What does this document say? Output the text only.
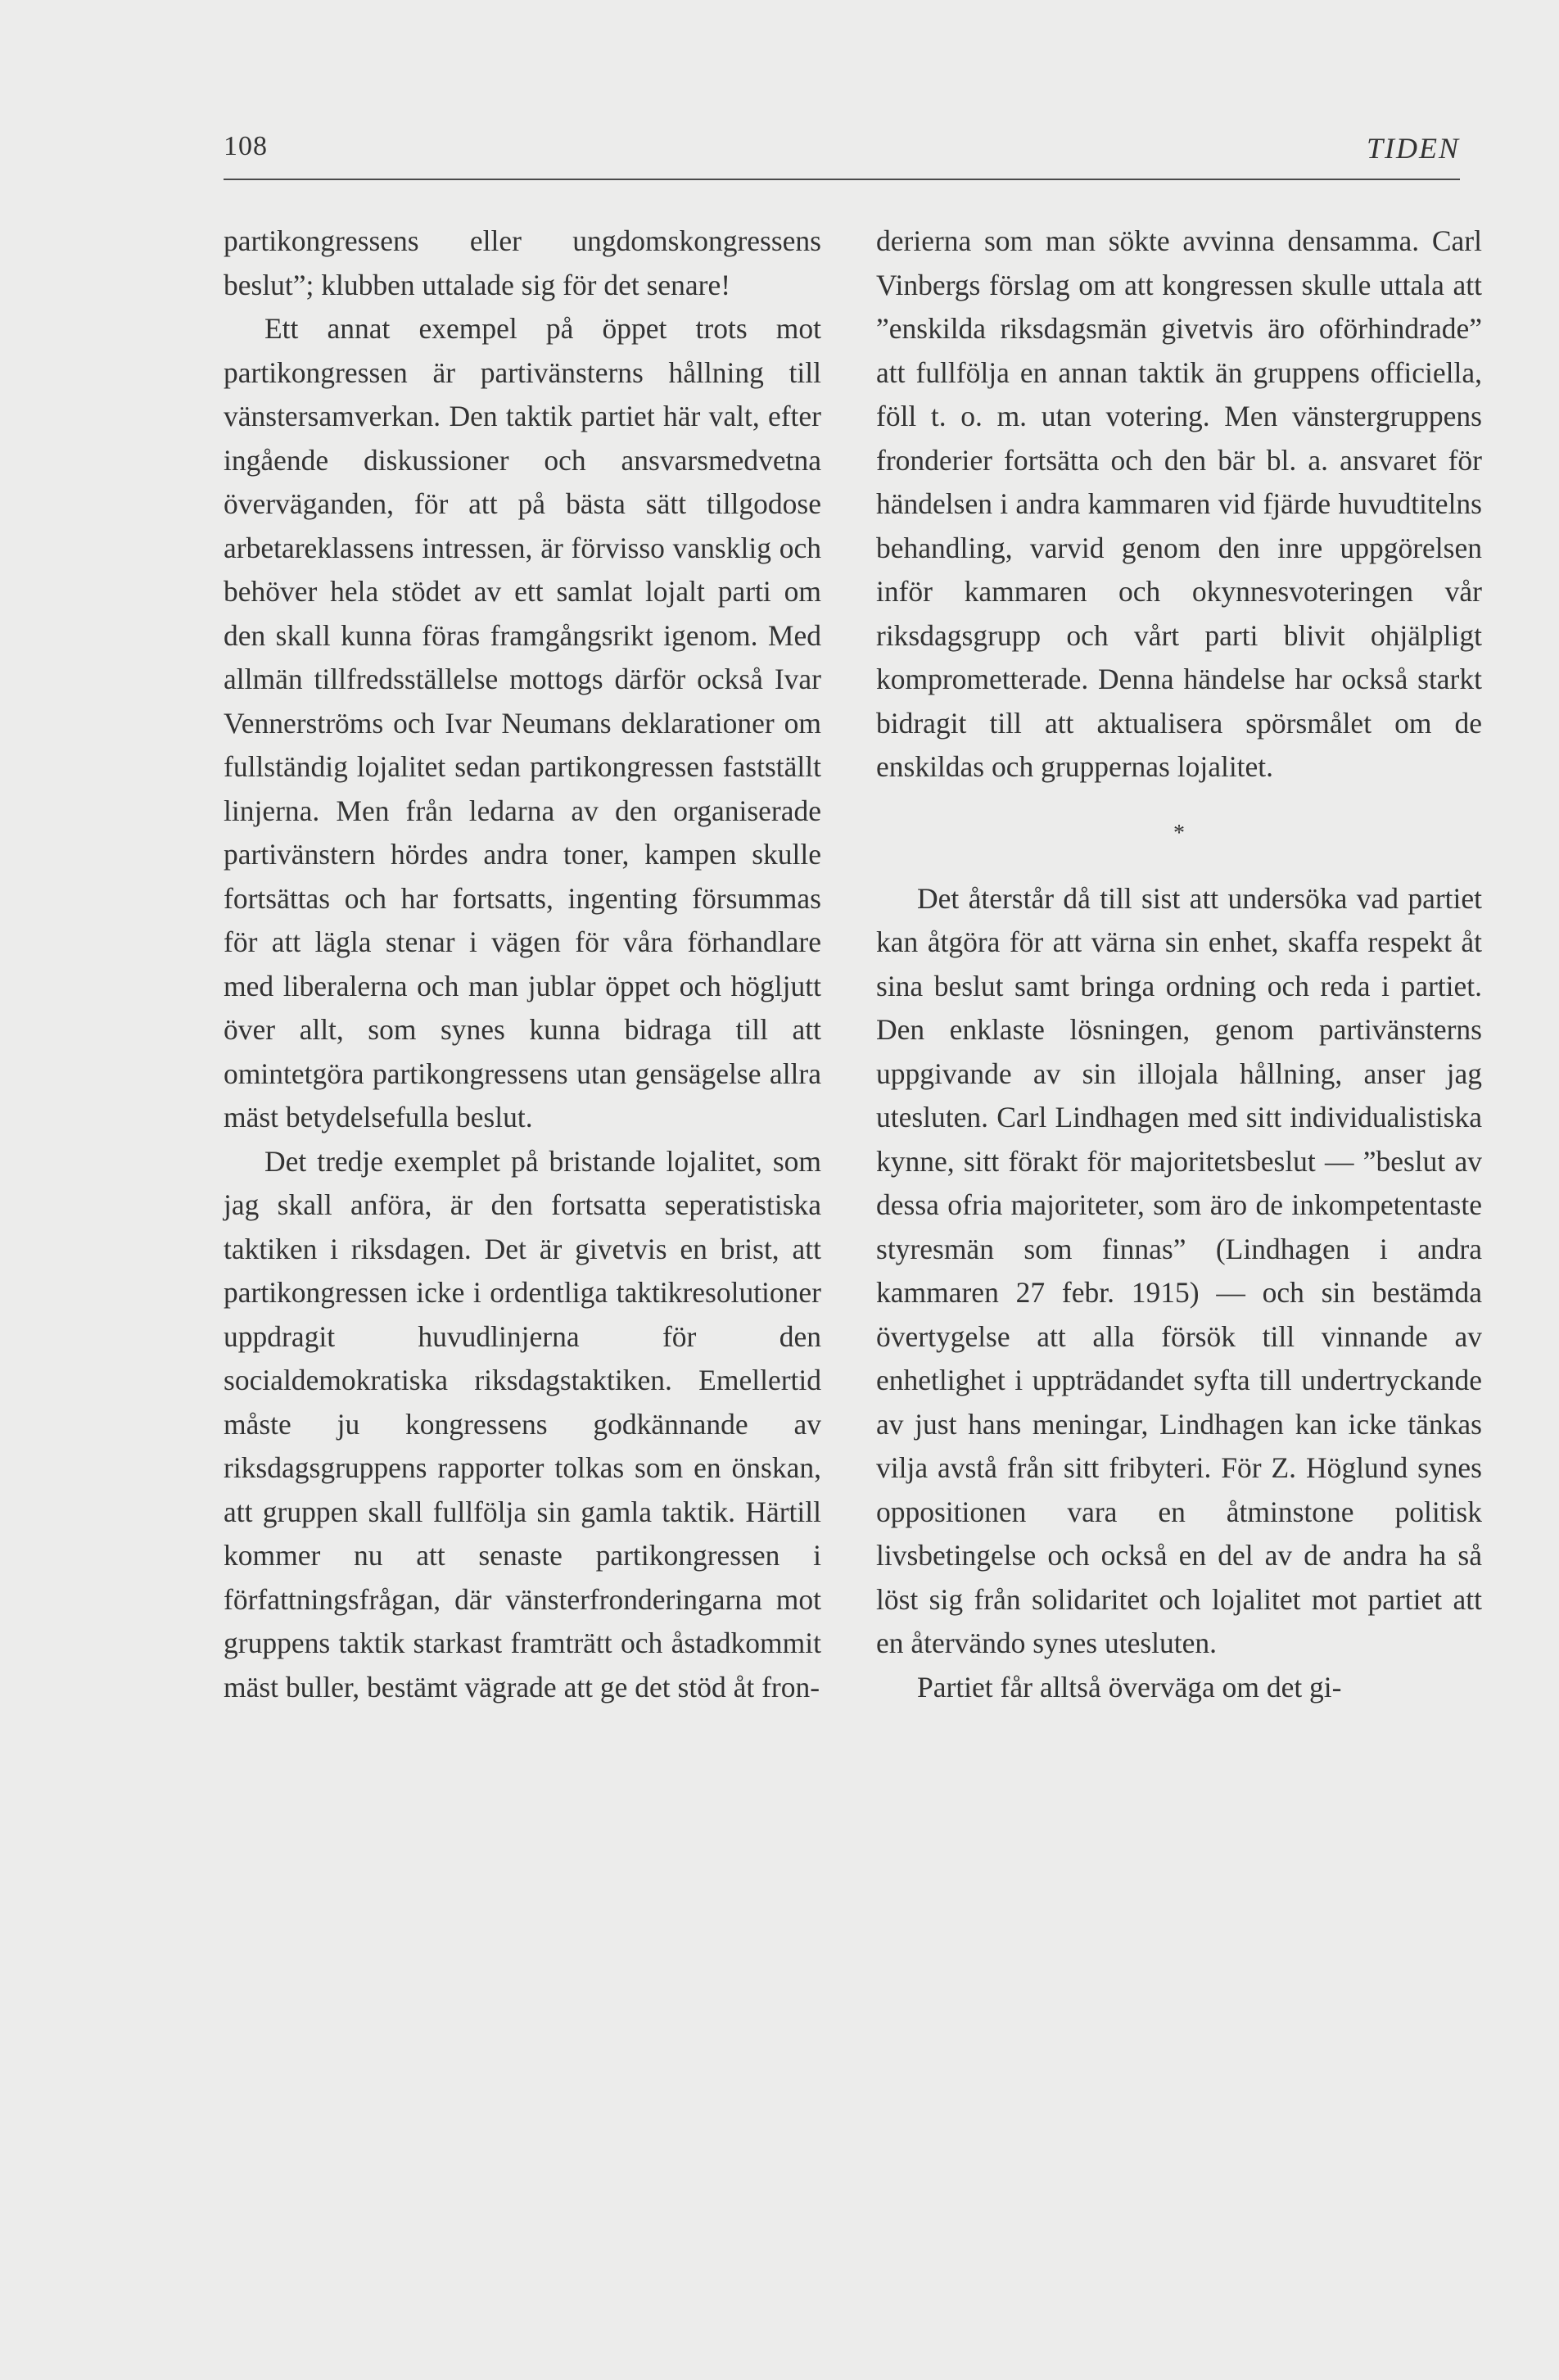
108	TIDEN

partikongressens eller ungdomskongressens beslut”; klubben uttalade sig för det senare!

Ett annat exempel på öppet trots mot partikongressen är partivänsterns hållning till vänstersamverkan. Den taktik partiet här valt, efter ingående diskussioner och ansvarsmedvetna överväganden, för att på bästa sätt tillgodose arbetareklassens intressen, är förvisso vansklig och behöver hela stödet av ett samlat lojalt parti om den skall kunna föras framgångsrikt igenom. Med allmän tillfredsställelse mottogs därför också Ivar Vennerströms och Ivar Neumans deklarationer om fullständig lojalitet sedan partikongressen fastställt linjerna. Men från ledarna av den organiserade partivänstern hördes andra toner, kampen skulle fortsättas och har fortsatts, ingenting försummas för att lägla stenar i vägen för våra förhandlare med liberalerna och man jublar öppet och högljutt över allt, som synes kunna bidraga till att omintetgöra partikongressens utan gensägelse allra mäst betydelsefulla beslut.

Det tredje exemplet på bristande lojalitet, som jag skall anföra, är den fortsatta seperatistiska taktiken i riksdagen. Det är givetvis en brist, att partikongressen icke i ordentliga taktikresolutioner uppdragit huvudlinjerna för den socialdemokratiska riksdagstaktiken. Emellertid måste ju kongressens godkännande av riksdagsgruppens rapporter tolkas som en önskan, att gruppen skall fullfölja sin gamla taktik. Härtill kommer nu att senaste partikongressen i författningsfrågan, där vänsterfronderingarna mot gruppens taktik starkast framträtt och åstadkommit mäst buller, bestämt vägrade att ge det stöd åt fron-

derierna som man sökte avvinna densamma. Carl Vinbergs förslag om att kongressen skulle uttala att ”enskilda riksdagsmän givetvis äro oförhindrade” att fullfölja en annan taktik än gruppens officiella, föll t. o. m. utan votering. Men vänstergruppens fronderier fortsätta och den bär bl. a. ansvaret för händelsen i andra kammaren vid fjärde huvudtitelns behandling, varvid genom den inre uppgörelsen inför kammaren och okynnesvoteringen vår riksdagsgrupp och vårt parti blivit ohjälpligt komprometterade. Denna händelse har också starkt bidragit till att aktualisera spörsmålet om de enskildas och gruppernas lojalitet.

*

Det återstår då till sist att undersöka vad partiet kan åtgöra för att värna sin enhet, skaffa respekt åt sina beslut samt bringa ordning och reda i partiet. Den enklaste lösningen, genom partivänsterns uppgivande av sin illojala hållning, anser jag utesluten. Carl Lindhagen med sitt individualistiska kynne, sitt förakt för majoritetsbeslut — ”beslut av dessa ofria majoriteter, som äro de inkompetentaste styresmän som finnas” (Lindhagen i andra kammaren 27 febr. 1915) — och sin bestämda övertygelse att alla försök till vinnande av enhetlighet i uppträdandet syfta till undertryckande av just hans meningar, Lindhagen kan icke tänkas vilja avstå från sitt fribyteri. För Z. Höglund synes oppositionen vara en åtminstone politisk livsbetingelse och också en del av de andra ha så löst sig från solidaritet och lojalitet mot partiet att en återvändo synes utesluten.

Partiet får alltså överväga om det gi-
